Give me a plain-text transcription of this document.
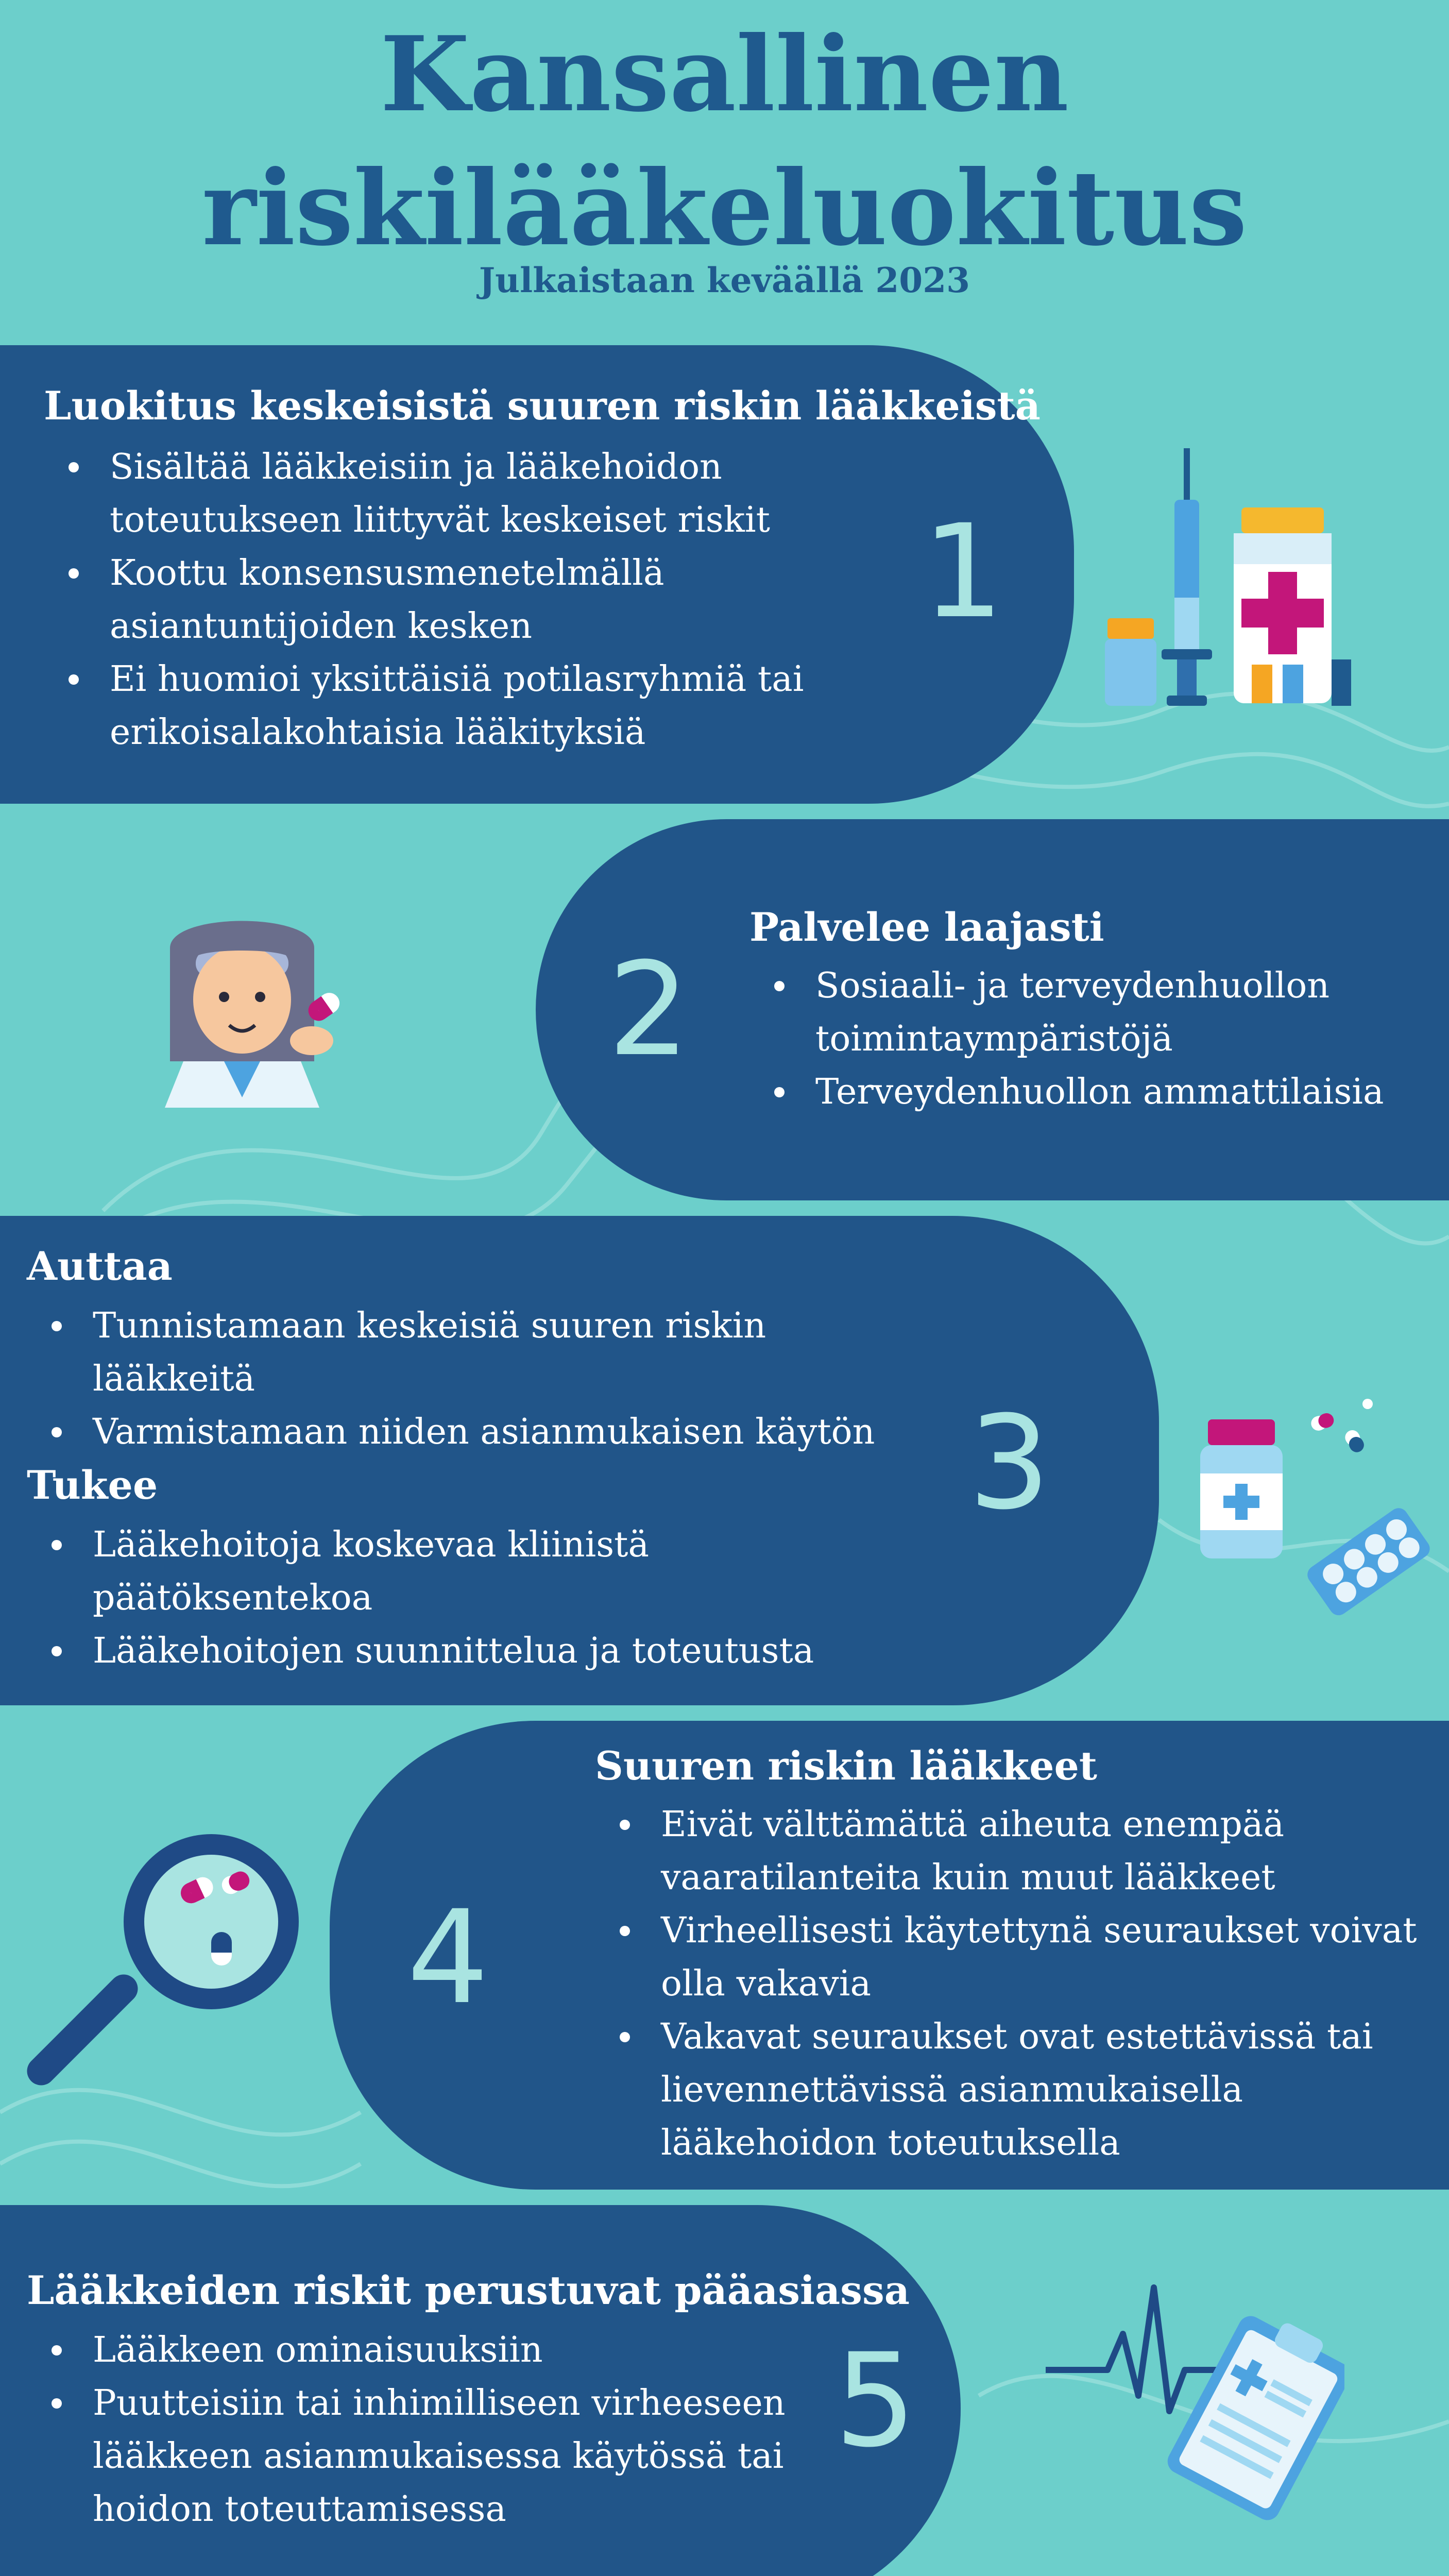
Kansallinen
riskilääkeluokitus
Julkaistaan keväällä 2023
Luokitus keskeisistä suuren riskin lääkkeistä
Sisältää lääkkeisiin ja lääkehoidon toteutukseen liittyvät keskeiset riskit
Koottu konsensusmenetelmällä asiantuntijoiden kesken
Ei huomioi yksittäisiä potilasryhmiä tai erikoisalakohtaisia lääkityksiä
1
Palvelee laajasti
Sosiaali- ja terveydenhuollon toimintaympäristöjä
Terveydenhuollon ammattilaisia
2
Auttaa
Tunnistamaan keskeisiä suuren riskin lääkkeitä
Varmistamaan niiden asianmukaisen käytön
Tukee
Lääkehoitoja koskevaa kliinistä päätöksentekoa
Lääkehoitojen suunnittelua ja toteutusta
3
Suuren riskin lääkkeet
Eivät välttämättä aiheuta enempää vaaratilanteita kuin muut lääkkeet
Virheellisesti käytettynä seuraukset voivat olla vakavia
Vakavat seuraukset ovat estettävissä tai lievennettävissä asianmukaisella lääkehoidon toteutuksella
4
Lääkkeiden riskit perustuvat pääasiassa
Lääkkeen ominaisuuksiin
Puutteisiin tai inhimilliseen virheeseen lääkkeen asianmukaisessa käytössä tai hoidon toteuttamisessa
5
